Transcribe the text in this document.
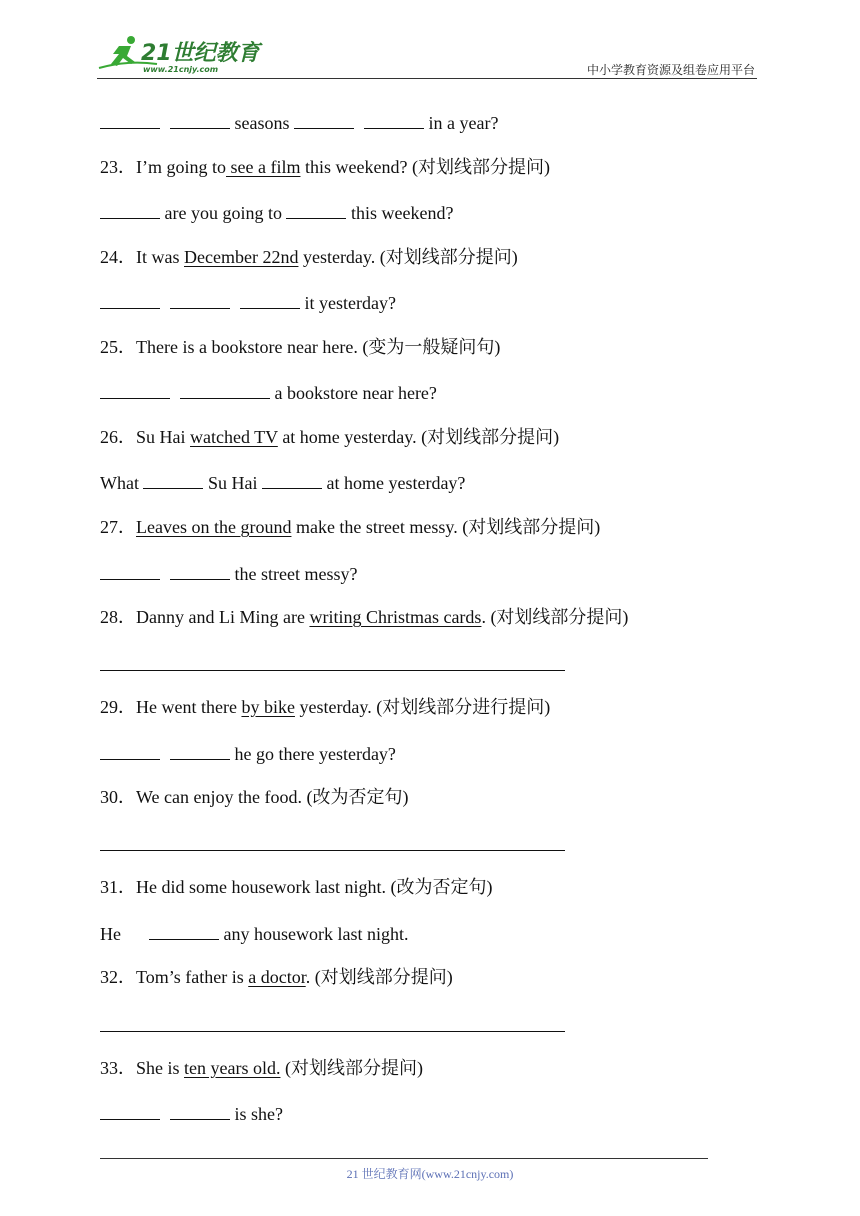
21世纪教育
www.21cnjy.com	中小学教育资源及组卷应用平台
seasons	in a year?
23．I’m going to see a film this weekend? (对划线部分提问)
are you going to	this weekend?
24．It was December 22nd yesterday. (对划线部分提问)
it yesterday?
25．There is a bookstore near here. (变为一般疑问句)
a bookstore near here?
26．Su Hai watched TV at home yesterday. (对划线部分提问)
What	Su Hai	at home yesterday?
27．Leaves on the ground make the street messy. (对划线部分提问)
the street messy?
28．Danny and Li Ming are writing Christmas cards. (对划线部分提问)
29．He went there by bike yesterday. (对划线部分进行提问)
he go there yesterday?
30．We can enjoy the food. (改为否定句)
31．He did some housework last night. (改为否定句)
He	any housework last night.
32．Tom’s father is a doctor. (对划线部分提问)
33．She is ten years old. (对划线部分提问)
is she?
21 世纪教育网(www.21cnjy.com)
